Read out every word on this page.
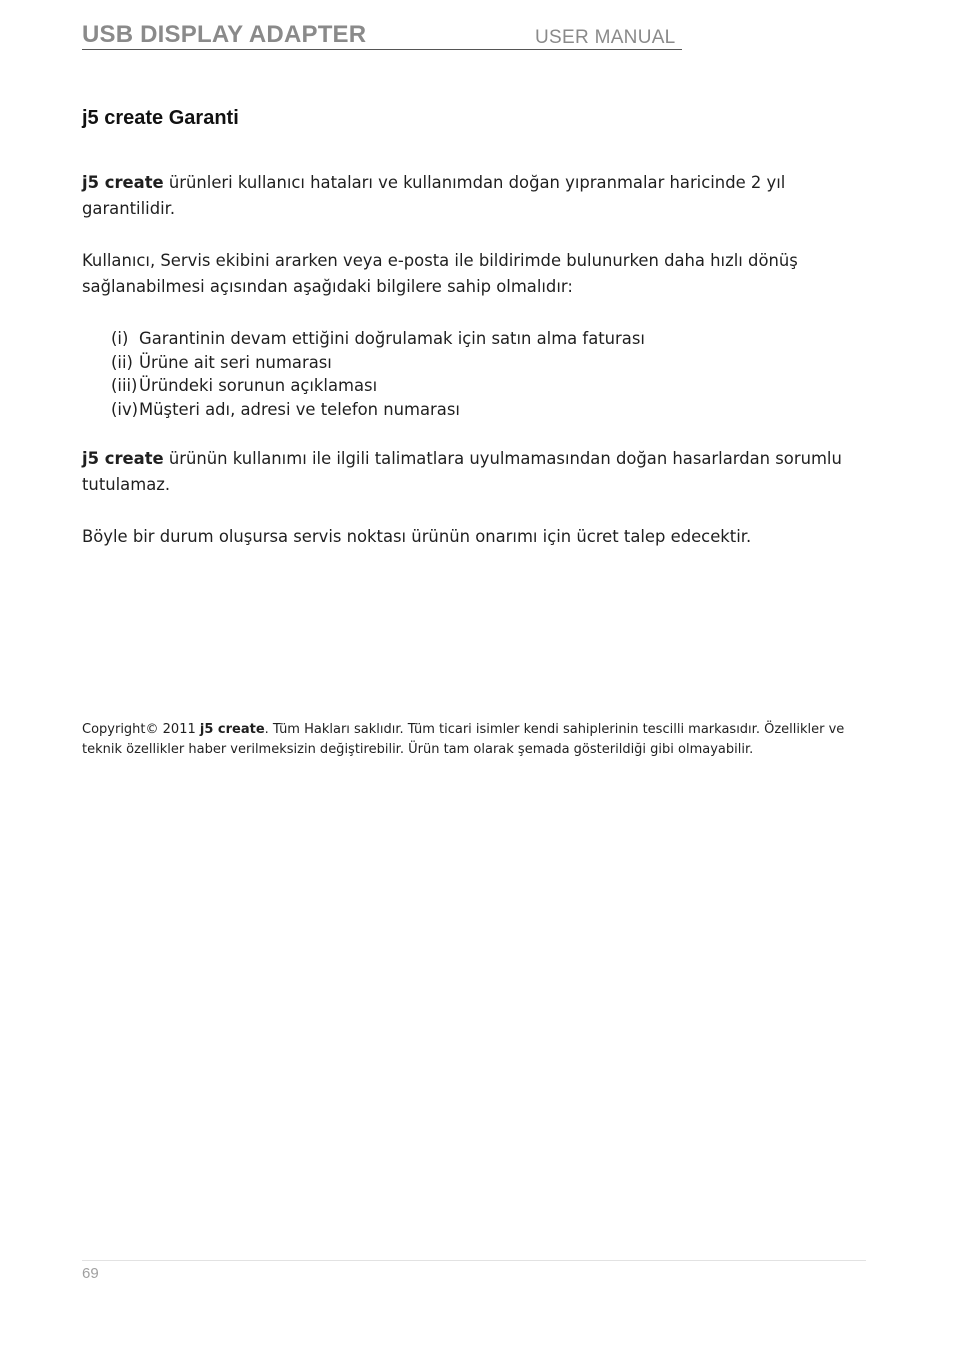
USB DISPLAY ADAPTER	USER MANUAL
j5 create Garanti

j5 create ürünleri kullanıcı hataları ve kullanımdan doğan yıpranmalar haricinde 2 yıl garantilidir.

Kullanıcı, Servis ekibini ararken veya e-posta ile bildirimde bulunurken daha hızlı dönüş sağlanabilmesi açısından aşağıdaki bilgilere sahip olmalıdır:

(i) Garantinin devam ettiğini doğrulamak için satın alma faturası
(ii) Ürüne ait seri numarası
(iii)Üründeki sorunun açıklaması
(iv)Müşteri adı, adresi ve telefon numarası

j5 create ürünün kullanımı ile ilgili talimatlara uyulmamasından doğan hasarlardan sorumlu tutulamaz.

Böyle bir durum oluşursa servis noktası ürünün onarımı için ücret talep edecektir.

Copyright© 2011 j5 create. Tüm Hakları saklıdır. Tüm ticari isimler kendi sahiplerinin tescilli markasıdır. Özellikler ve teknik özellikler haber verilmeksizin değiştirebilir. Ürün tam olarak şemada gösterildiği gibi olmayabilir.

69
